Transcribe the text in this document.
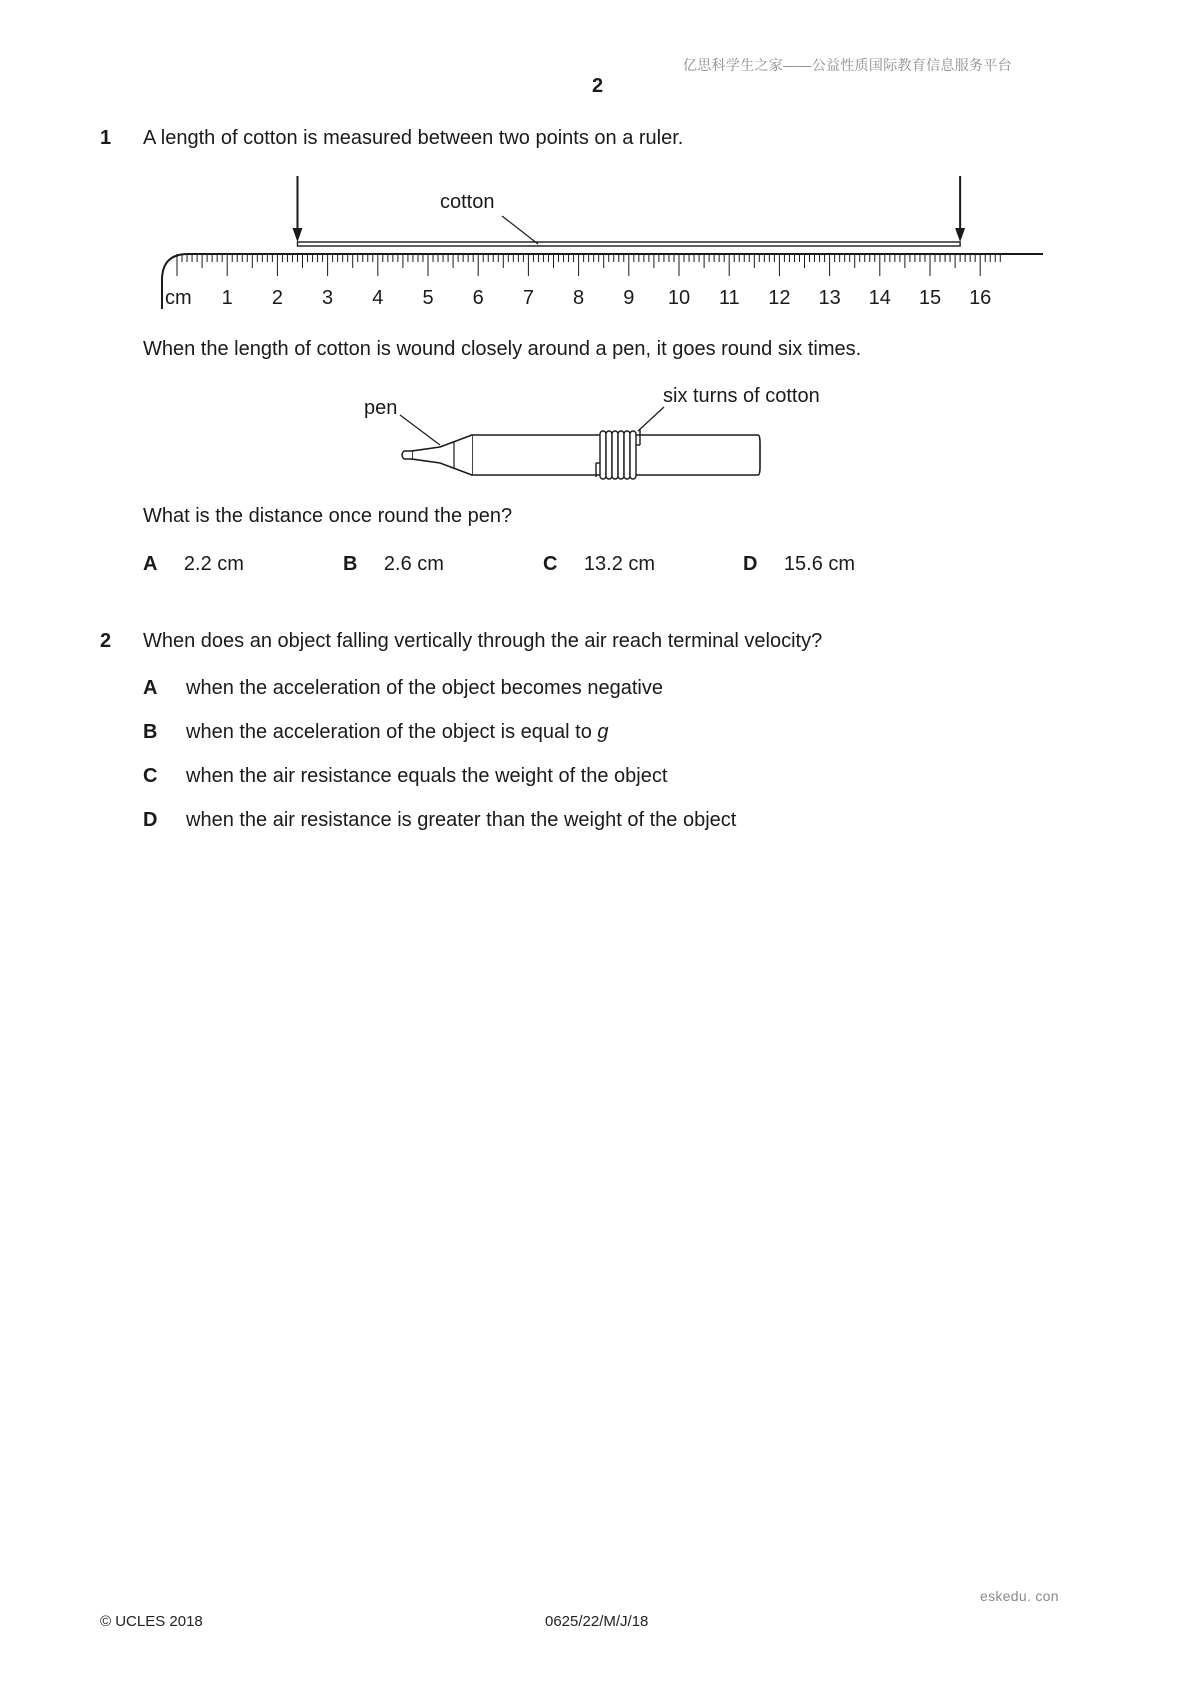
亿思科学生之家——公益性质国际教育信息服务平台
2
1 A length of cotton is measured between two points on a ruler.
1 2 3 4 5 6 7 8 9 10 11 12 13 14 15 16
cm
cotton
When the length of cotton is wound closely around a pen, it goes round six times.
pen
six turns of cotton
What is the distance once round the pen?
A 2.2 cm	B 2.6 cm	C 13.2 cm	D 15.6 cm
2 When does an object falling vertically through the air reach terminal velocity?
A when the acceleration of the object becomes negative
B when the acceleration of the object is equal to g
C when the air resistance equals the weight of the object
D when the air resistance is greater than the weight of the object
eskedu. con
© UCLES 2018	0625/22/M/J/18
